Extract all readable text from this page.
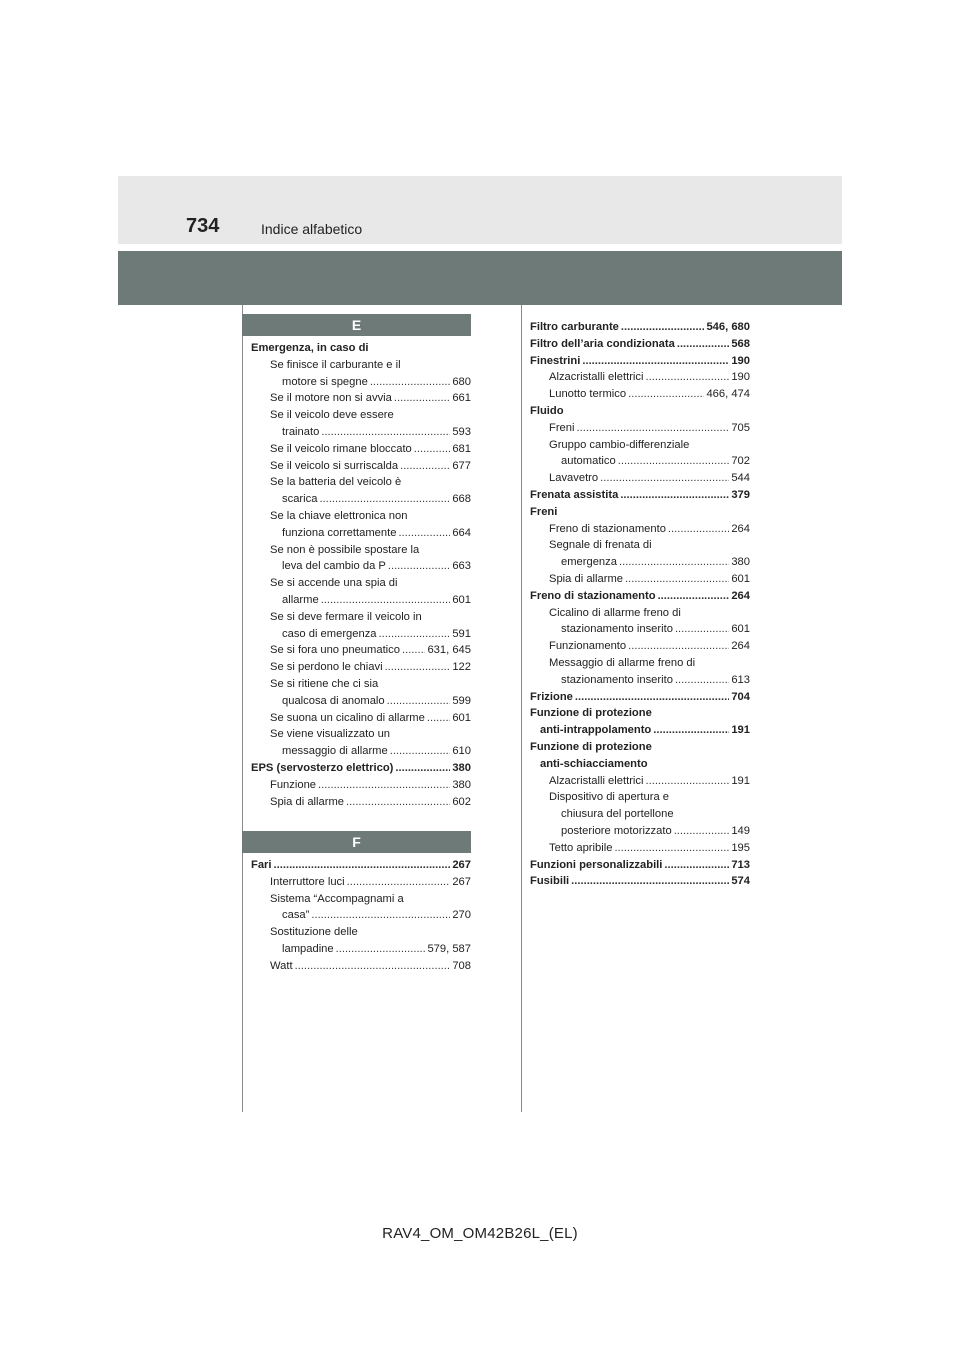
734	Indice alfabetico
E
Emergenza, in caso di
Se finisce il carburante e il
motore si spegne .....	680
Se il motore non si avvia .....	661
Se il veicolo deve essere
trainato .....	593
Se il veicolo rimane bloccato .....	681
Se il veicolo si surriscalda .....	677
Se la batteria del veicolo è
scarica .....	668
Se la chiave elettronica non
funziona correttamente .....	664
Se non è possibile spostare la
leva del cambio da P .....	663
Se si accende una spia di
allarme .....	601
Se si deve fermare il veicolo in
caso di emergenza .....	591
Se si fora uno pneumatico ..... 631, 645
Se si perdono le chiavi .....	122
Se si ritiene che ci sia
qualcosa di anomalo .....	599
Se suona un cicalino di allarme ..... 601
Se viene visualizzato un
messaggio di allarme .....	610
EPS (servosterzo elettrico) .....	380
Funzione .....	380
Spia di allarme .....	602
F
Fari .....	267
Interruttore luci .....	267
Sistema “Accompagnami a
casa” .....	270
Sostituzione delle
lampadine .....	579, 587
Watt .....	708
Filtro carburante .....	546, 680
Filtro dell’aria condizionata .....	568
Finestrini .....	190
Alzacristalli elettrici .....	190
Lunotto termico .....	466, 474
Fluido
Freni .....	705
Gruppo cambio-differenziale
automatico .....	702
Lavavetro .....	544
Frenata assistita .....	379
Freni
Freno di stazionamento .....	264
Segnale di frenata di
emergenza .....	380
Spia di allarme .....	601
Freno di stazionamento .....	264
Cicalino di allarme freno di
stazionamento inserito .....	601
Funzionamento .....	264
Messaggio di allarme freno di
stazionamento inserito .....	613
Frizione .....	704
Funzione di protezione
anti-intrappolamento .....	191
Funzione di protezione
anti-schiacciamento
Alzacristalli elettrici .....	191
Dispositivo di apertura e
chiusura del portellone
posteriore motorizzato .....	149
Tetto apribile .....	195
Funzioni personalizzabili .....	713
Fusibili .....	574
RAV4_OM_OM42B26L_(EL)
